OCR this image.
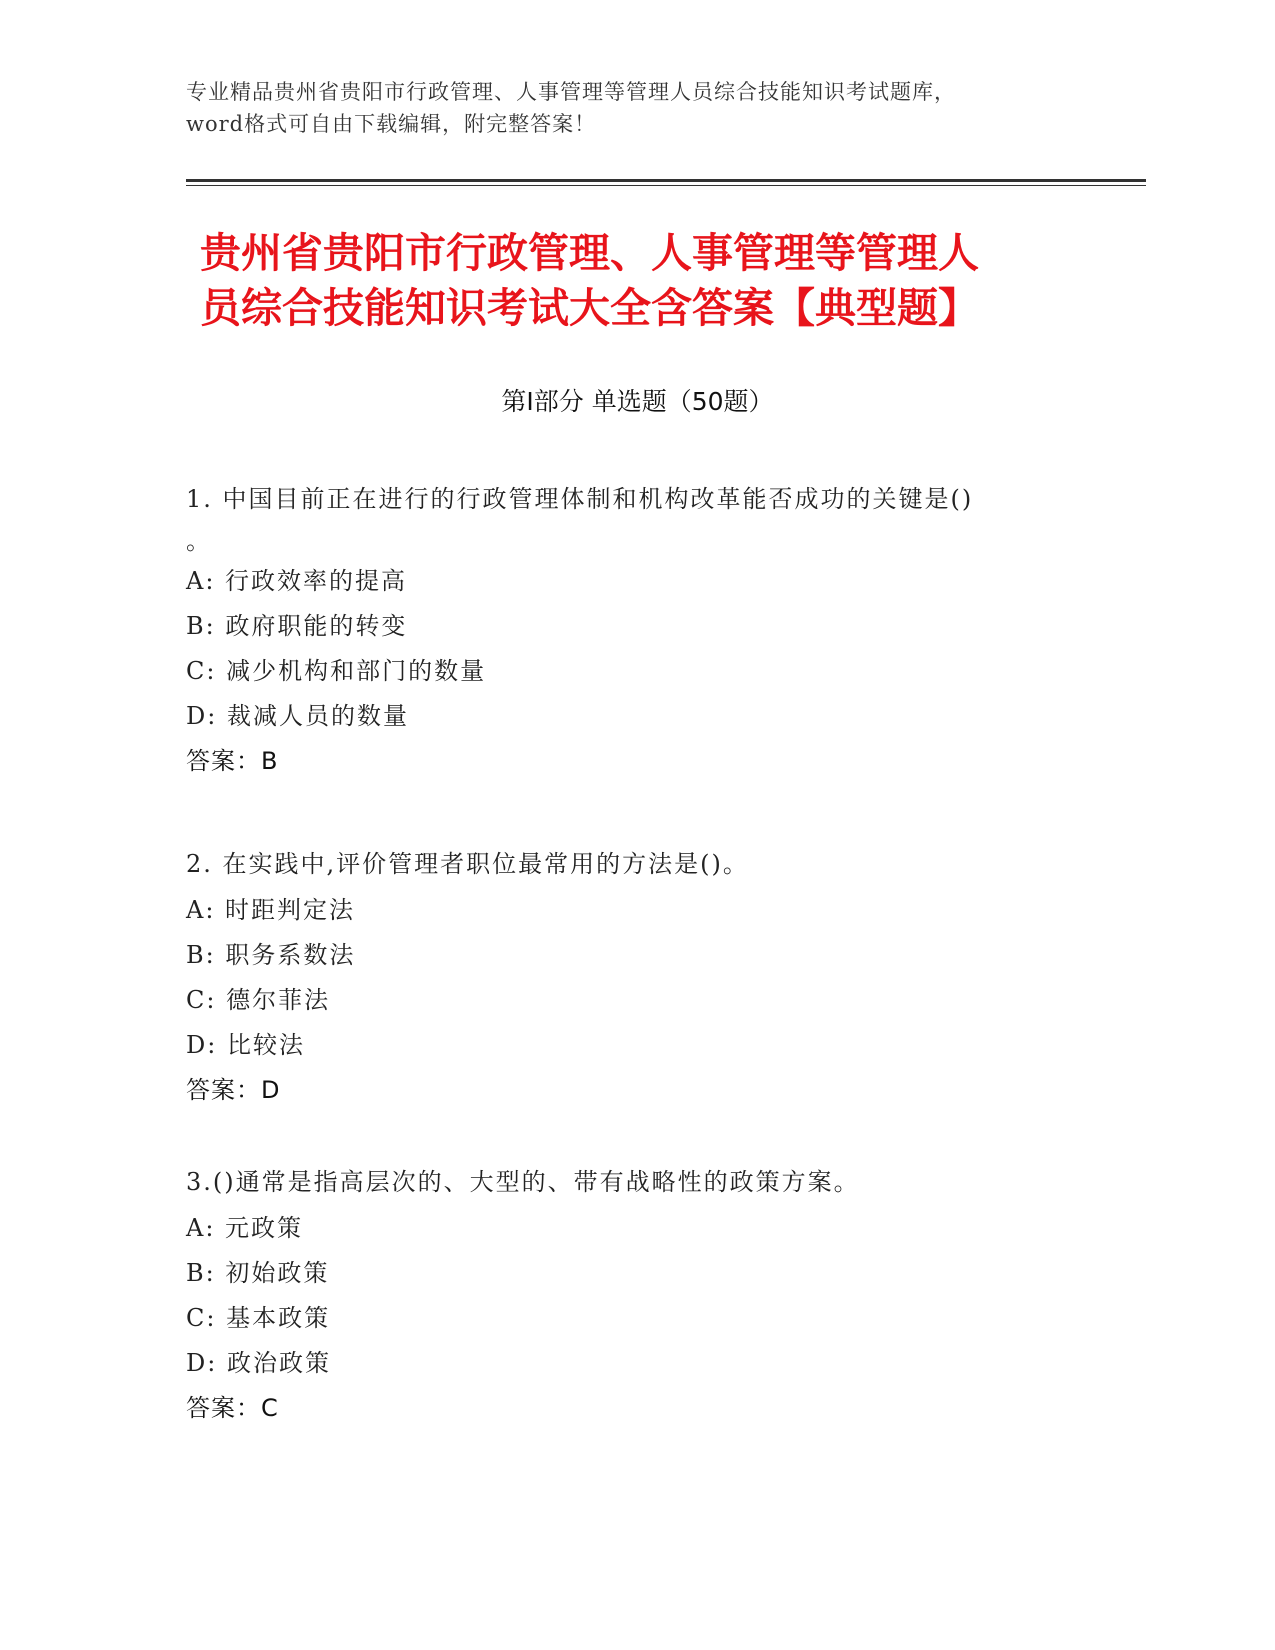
专业精品贵州省贵阳市行政管理、人事管理等管理人员综合技能知识考试题库，
word格式可自由下载编辑，附完整答案！
贵州省贵阳市行政管理、人事管理等管理人
员综合技能知识考试大全含答案【典型题】
第Ⅰ部分 单选题（50题）
1. 中国目前正在进行的行政管理体制和机构改革能否成功的关键是()
。
A: 行政效率的提高
B: 政府职能的转变
C: 减少机构和部门的数量
D: 裁减人员的数量
答案：B
2. 在实践中,评价管理者职位最常用的方法是()。
A: 时距判定法
B: 职务系数法
C: 德尔菲法
D: 比较法
答案：D
3.()通常是指高层次的、大型的、带有战略性的政策方案。
A: 元政策
B: 初始政策
C: 基本政策
D: 政治政策
答案：C
